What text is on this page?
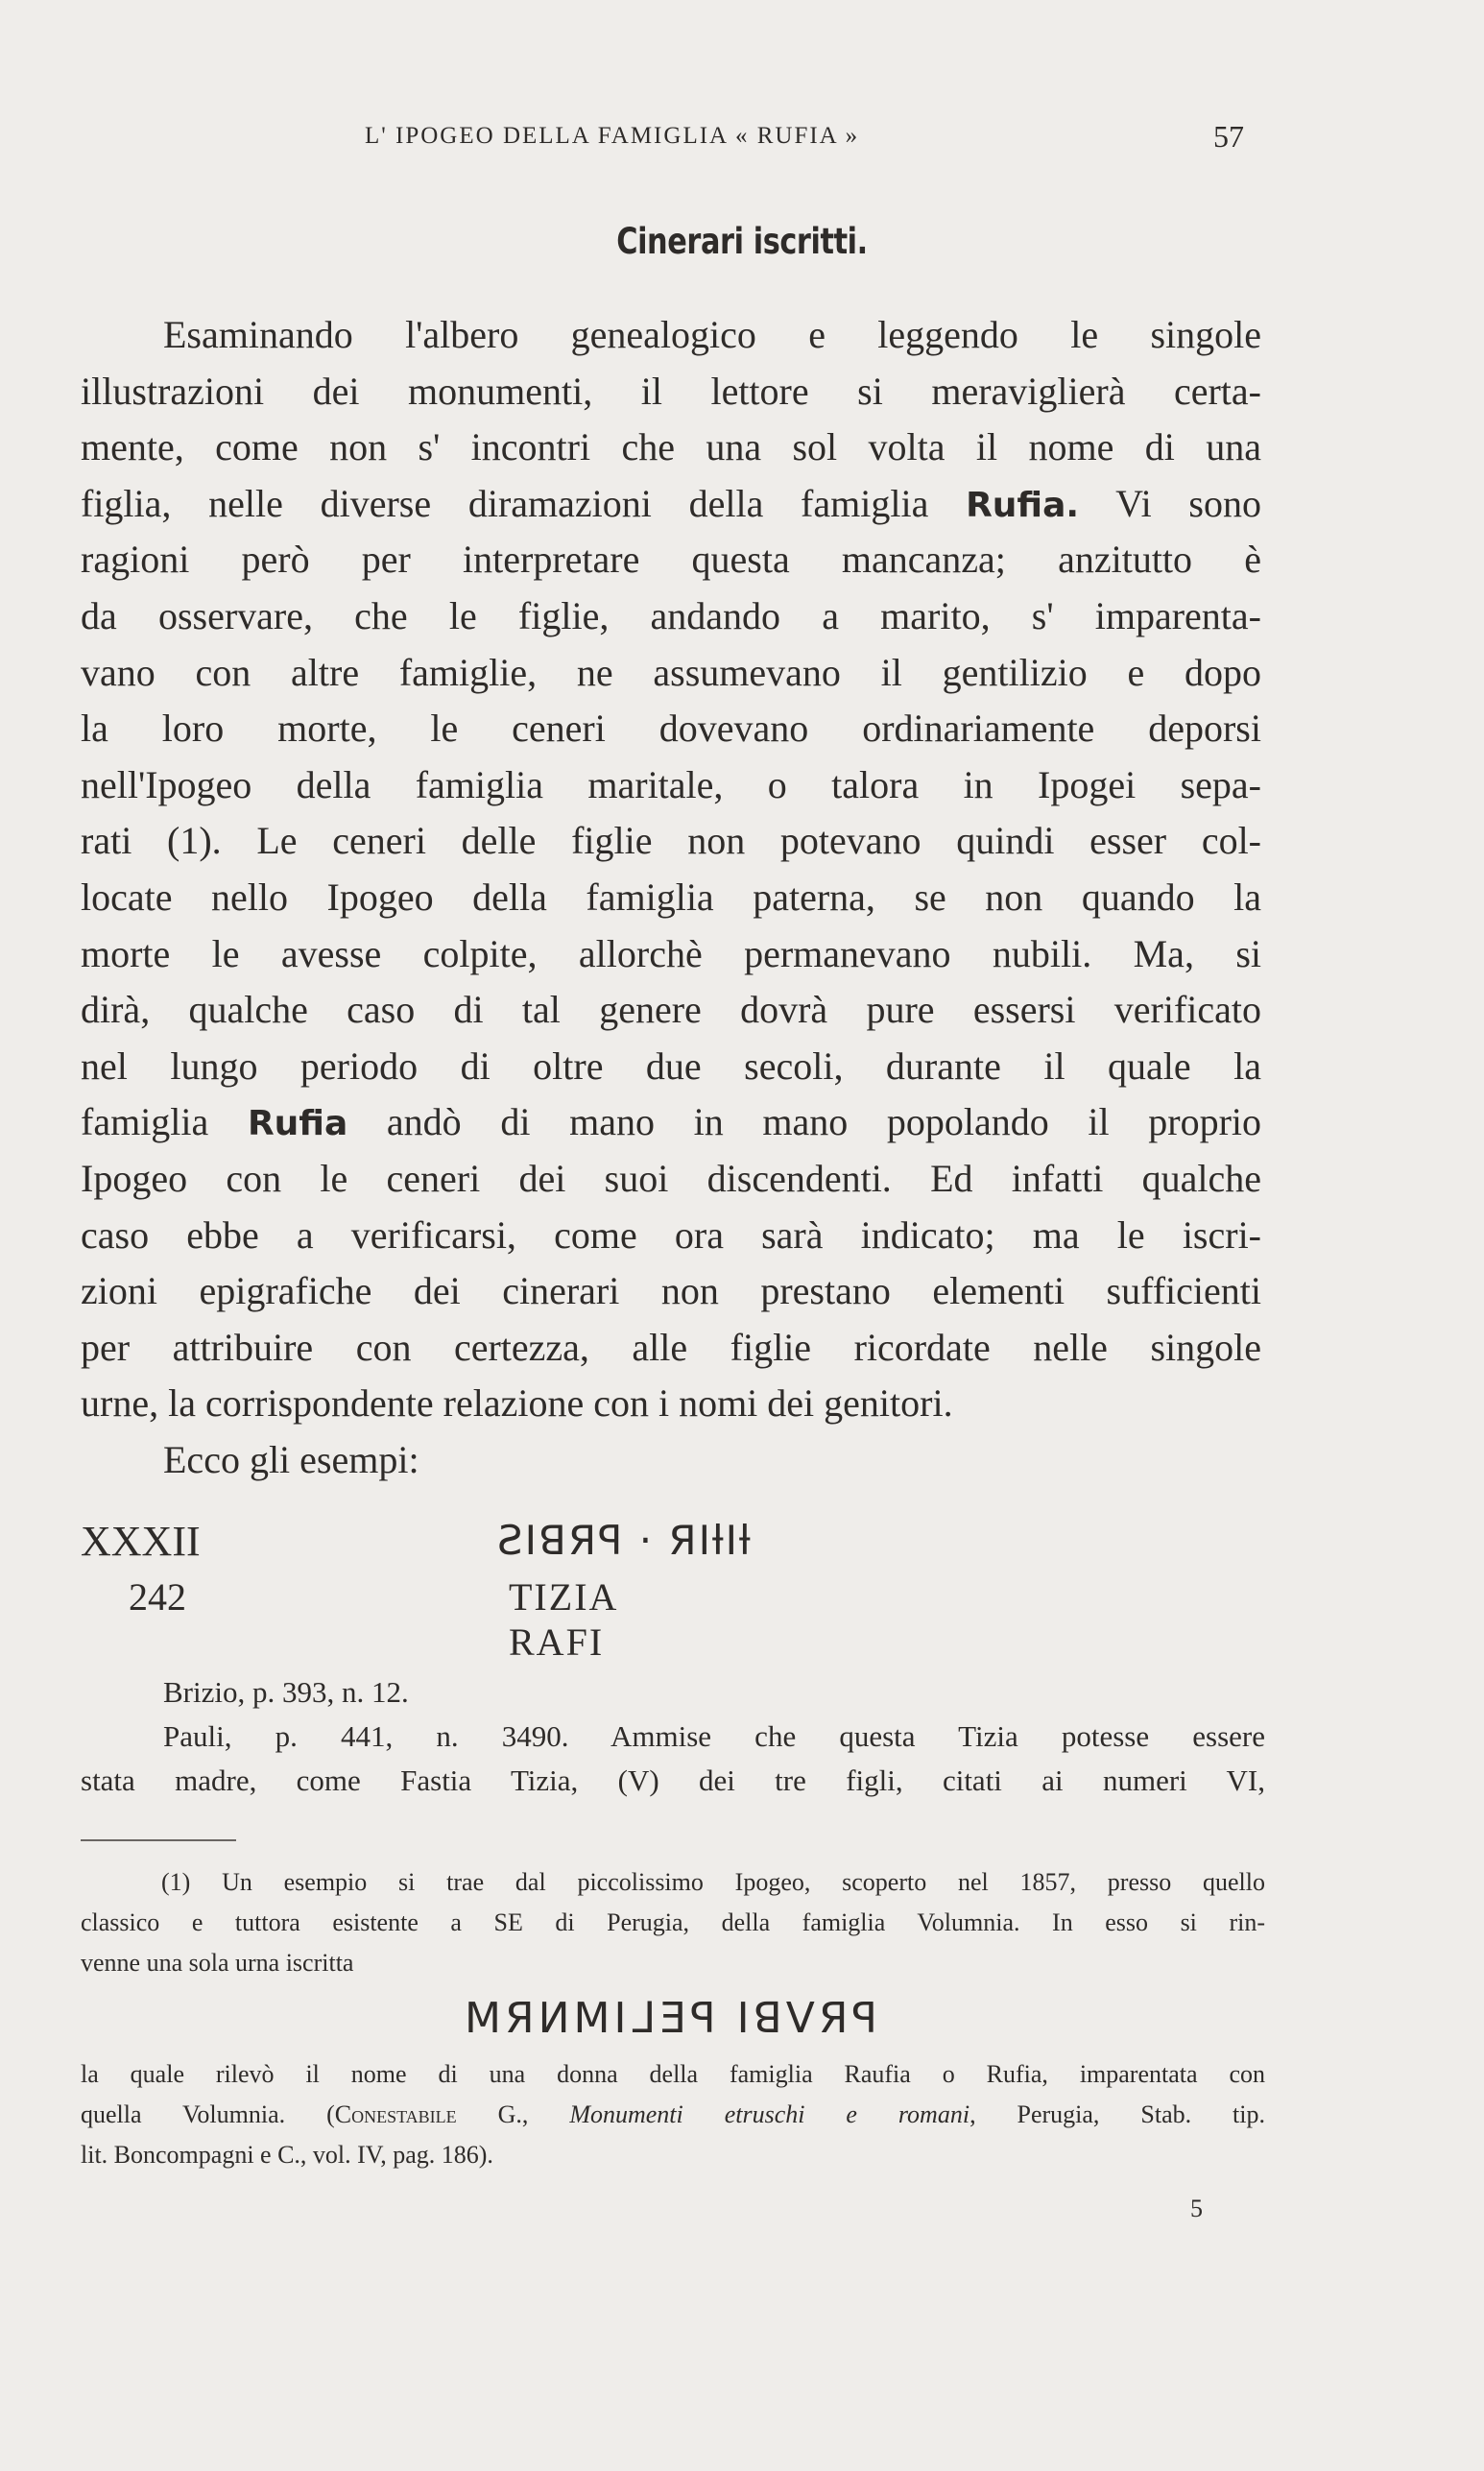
L' IPOGEO DELLA FAMIGLIA « RUFIA »	57
Cinerari iscritti.
Esaminando l'albero genealogico e leggendo le singole
illustrazioni dei monumenti, il lettore si meraviglierà certa-
mente, come non s' incontri che una sol volta il nome di una
figlia, nelle diverse diramazioni della famiglia Rufia. Vi sono
ragioni però per interpretare questa mancanza; anzitutto è
da osservare, che le figlie, andando a marito, s' imparenta-
vano con altre famiglie, ne assumevano il gentilizio e dopo
la loro morte, le ceneri dovevano ordinariamente deporsi
nell'Ipogeo della famiglia maritale, o talora in Ipogei sepa-
rati (1). Le ceneri delle figlie non potevano quindi esser col-
locate nello Ipogeo della famiglia paterna, se non quando la
morte le avesse colpite, allorchè permanevano nubili. Ma, si
dirà, qualche caso di tal genere dovrà pure essersi verificato
nel lungo periodo di oltre due secoli, durante il quale la
famiglia Rufia andò di mano in mano popolando il proprio
Ipogeo con le ceneri dei suoi discendenti. Ed infatti qualche
caso ebbe a verificarsi, come ora sarà indicato; ma le iscri-
zioni epigrafiche dei cinerari non prestano elementi sufficienti
per attribuire con certezza, alle figlie ricordate nelle singole
urne, la corrispondente relazione con i nomi dei genitori.
Ecco gli esempi:
XXXII	ƧIꓭЯꟼ · ЯIƚIƚ
242	TIZIA RAFI
Brizio, p. 393, n. 12.
Pauli, p. 441, n. 3490. Ammise che questa Tizia potesse essere
stata madre, come Fastia Tizia, (V) dei tre figli, citati ai numeri VI,
(1) Un esempio si trae dal piccolissimo Ipogeo, scoperto nel 1857, presso quello
classico e tuttora esistente a SE di Perugia, della famiglia Volumnia. In esso si rin-
venne una sola urna iscritta
MЯИMIᒧƎꟼ IꓭVЯꟼ
la quale rilevò il nome di una donna della famiglia Raufia o Rufia, imparentata con
quella Volumnia. (Conestabile G., Monumenti etruschi e romani, Perugia, Stab. tip.
lit. Boncompagni e C., vol. IV, pag. 186).
5
